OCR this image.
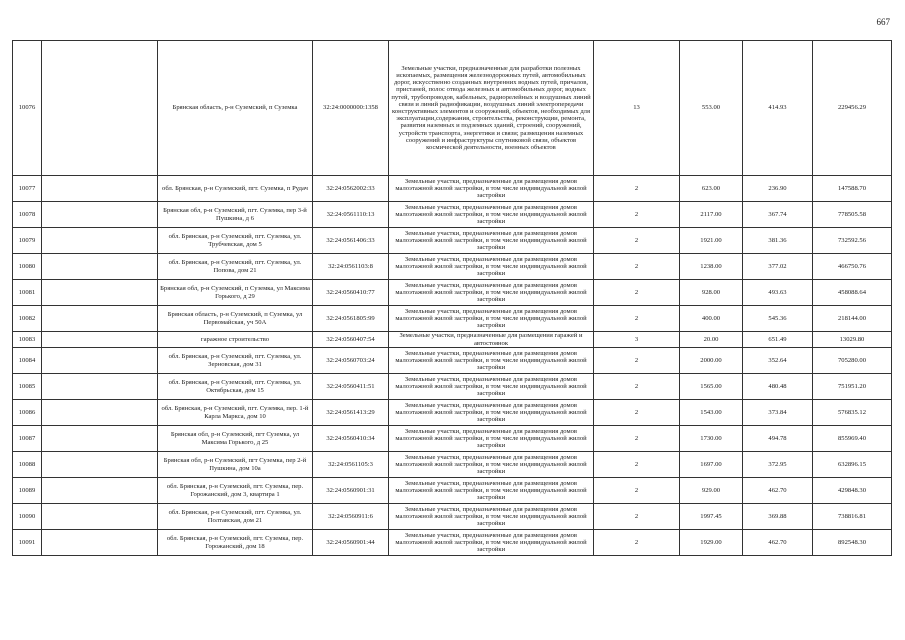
667
10076		Брянская область, р-н Суземский, п Суземка	32:24:0000000:1358	Земельные участки, предназначенные для разработки полезных ископаемых, размещения железнодорожных путей, автомобильных дорог, искусственно созданных внутренних водных путей, причалов, пристаней, полос отвода железных и автомобильных дорог, водных путей, трубопроводов, кабельных, радиорелейных и воздушных линий связи и линий радиофикации, воздушных линий электропередачи конструктивных элементов и сооружений, объектов, необходимых для эксплуатации,содержания, строительства, реконструкции, ремонта, развития наземных и подземных зданий, строений, сооружений, устройств транспорта, энергетики и связи; размещения наземных сооружений и инфраструктуры спутниковой связи, объектов космической деятельности, военных объектов	13	553.00	414.93	229456.29
10077		обл. Брянская, р-н Суземский, пгт. Суземка, п Рудач	32:24:0562002:33	Земельные участки, предназначенные для размещения домов малоэтажной жилой застройки, в том числе индивидуальной жилой застройки	2	623.00	236.90	147588.70
10078		Брянская обл, р-н Суземский, пгт. Суземка, пер 3-й Пушкина, д 6	32:24:0561110:13	Земельные участки, предназначенные для размещения домов малоэтажной жилой застройки, в том числе индивидуальной жилой застройки	2	2117.00	367.74	778505.58
10079		обл. Брянская, р-н Суземский, пгт. Суземка, ул. Трубчевская, дом 5	32:24:0561406:33	Земельные участки, предназначенные для размещения домов малоэтажной жилой застройки, в том числе индивидуальной жилой застройки	2	1921.00	381.36	732592.56
10080		обл. Брянская, р-н Суземский, пгт. Суземка, ул. Попова, дом 21	32:24:0561103:8	Земельные участки, предназначенные для размещения домов малоэтажной жилой застройки, в том числе индивидуальной жилой застройки	2	1238.00	377.02	466750.76
10081		Брянская обл, р-н Суземский, п Суземка, ул Максима Горького, д 29	32:24:0560410:77	Земельные участки, предназначенные для размещения домов малоэтажной жилой застройки, в том числе индивидуальной жилой застройки	2	928.00	493.63	458088.64
10082		Брянская область, р-н Суземский, п Суземка, ул Первомайская, уч 50А	32:24:0561805:99	Земельные участки, предназначенные для размещения домов малоэтажной жилой застройки, в том числе индивидуальной жилой застройки	2	400.00	545.36	218144.00
10083		гаражное строительство	32:24:0560407:54	Земельные участки, предназначенные для размещения гаражей и автостоянок	3	20.00	651.49	13029.80
10084		обл. Брянская, р-н Суземский, пгт. Суземка, ул. Зерновская, дом 31	32:24:0560703:24	Земельные участки, предназначенные для размещения домов малоэтажной жилой застройки, в том числе индивидуальной жилой застройки	2	2000.00	352.64	705280.00
10085		обл. Брянская, р-н Суземский, пгт. Суземка, ул. Октябрьская, дом 15	32:24:0560411:51	Земельные участки, предназначенные для размещения домов малоэтажной жилой застройки, в том числе индивидуальной жилой застройки	2	1565.00	480.48	751951.20
10086		обл. Брянская, р-н Суземский, пгт. Суземка, пер. 1-й Карла Маркса, дом 10	32:24:0561413:29	Земельные участки, предназначенные для размещения домов малоэтажной жилой застройки, в том числе индивидуальной жилой застройки	2	1543.00	373.84	576835.12
10087		Брянская обл, р-н Суземский, пгт Суземка, ул Максима Горького, д 25	32:24:0560410:34	Земельные участки, предназначенные для размещения домов малоэтажной жилой застройки, в том числе индивидуальной жилой застройки	2	1730.00	494.78	855969.40
10088		Брянская обл, р-н Суземский, пгт Суземка, пер 2-й Пушкина, дом 10а	32:24:0561105:3	Земельные участки, предназначенные для размещения домов малоэтажной жилой застройки, в том числе индивидуальной жилой застройки	2	1697.00	372.95	632896.15
10089		обл. Брянская, р-н Суземский, пгт. Суземка, пер. Горожанский, дом 3, квартира 1	32:24:0560901:31	Земельные участки, предназначенные для размещения домов малоэтажной жилой застройки, в том числе индивидуальной жилой застройки	2	929.00	462.70	429848.30
10090		обл. Брянская, р-н Суземский, пгт. Суземка, ул. Полтавская, дом 21	32:24:0560911:6	Земельные участки, предназначенные для размещения домов малоэтажной жилой застройки, в том числе индивидуальной жилой застройки	2	1997.45	369.88	738816.81
10091		обл. Брянская, р-н Суземский, пгт. Суземка, пер. Горожанский, дом 18	32:24:0560901:44	Земельные участки, предназначенные для размещения домов малоэтажной жилой застройки, в том числе индивидуальной жилой застройки	2	1929.00	462.70	892548.30
